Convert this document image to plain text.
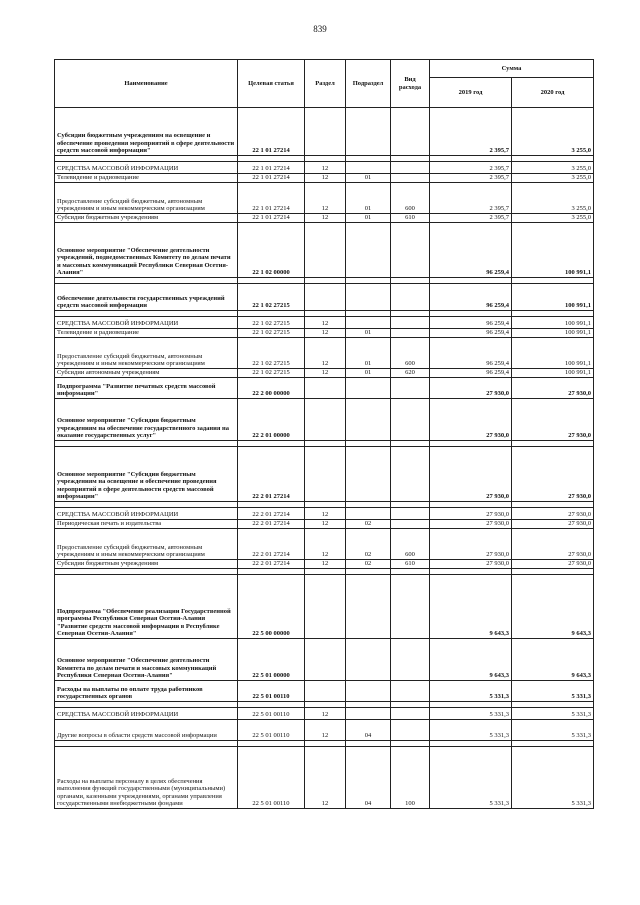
839
Наименование	Целевая статья	Раздел	Подраздел	Вид расхода	Сумма	
					2019 год	2020 год
Субсидии бюджетным учреждениям на освещение и обеспечение проведения мероприятий в сфере деятельности средств массовой информации"	22 1 01 27214				2 395,7	3 255,0

СРЕДСТВА МАССОВОЙ ИНФОРМАЦИИ	22 1 01 27214	12			2 395,7	3 255,0
Телевидение и радиовещание	22 1 01 27214	12	01		2 395,7	3 255,0
Предоставление субсидий бюджетным, автономным учреждениям и иным некоммерческим организациям	22 1 01 27214	12	01	600	2 395,7	3 255,0
Субсидии бюджетным учреждениям	22 1 01 27214	12	01	610	2 395,7	3 255,0
Основное мероприятие "Обеспечение деятельности учреждений, подведомственных Комитету по делам печати и массовых коммуникаций Республики Северная Осетия-Алания"	22 1 02 00000				96 259,4	100 991,1

Обеспечение деятельности государственных учреждений средств массовой информации	22 1 02 27215				96 259,4	100 991,1

СРЕДСТВА МАССОВОЙ ИНФОРМАЦИИ	22 1 02 27215	12			96 259,4	100 991,1
Телевидение и радиовещание	22 1 02 27215	12	01		96 259,4	100 991,1
Предоставление субсидий бюджетным, автономным учреждениям и иным некоммерческим организациям	22 1 02 27215	12	01	600	96 259,4	100 991,1
Субсидии автономным учреждениям	22 1 02 27215	12	01	620	96 259,4	100 991,1
Подпрограмма "Развитие печатных средств массовой информации"	22 2 00 00000				27 930,0	27 930,0
Основное мероприятие "Субсидии бюджетным учреждениям на обеспечение государственного задания на оказание государственных услуг"	22 2 01 00000				27 930,0	27 930,0

Основное мероприятие "Субсидии бюджетным учреждениям на освещение и обеспечение проведения мероприятий в сфере деятельности средств массовой информации"	22 2 01 27214				27 930,0	27 930,0

СРЕДСТВА МАССОВОЙ ИНФОРМАЦИИ	22 2 01 27214	12			27 930,0	27 930,0
Периодическая печать и издательства	22 2 01 27214	12	02		27 930,0	27 930,0
Предоставление субсидий бюджетным, автономным учреждениям и иным некоммерческим организациям	22 2 01 27214	12	02	600	27 930,0	27 930,0
Субсидии бюджетным учреждениям	22 2 01 27214	12	02	610	27 930,0	27 930,0

Подпрограмма "Обеспечение реализации Государственной программы Республики Северная Осетия-Алания "Развитие средств массовой информации в Республике Северная Осетия-Алания"	22 5 00 00000				9 643,3	9 643,3
Основное мероприятие "Обеспечение деятельности Комитета по делам печати и массовых коммуникаций Республики Северная Осетия-Алания"	22 5 01 00000				9 643,3	9 643,3
Расходы на выплаты по оплате труда работников государственных органов	22 5 01 00110				5 331,3	5 331,3

СРЕДСТВА МАССОВОЙ ИНФОРМАЦИИ	22 5 01 00110	12			5 331,3	5 331,3
Другие вопросы в области средств массовой информации	22 5 01 00110	12	04		5 331,3	5 331,3

Расходы на выплаты персоналу в целях обеспечения выполнения функций государственными (муниципальными) органами, казенными учреждениями, органами управления государственными внебюджетными фондами	22 5 01 00110	12	04	100	5 331,3	5 331,3
